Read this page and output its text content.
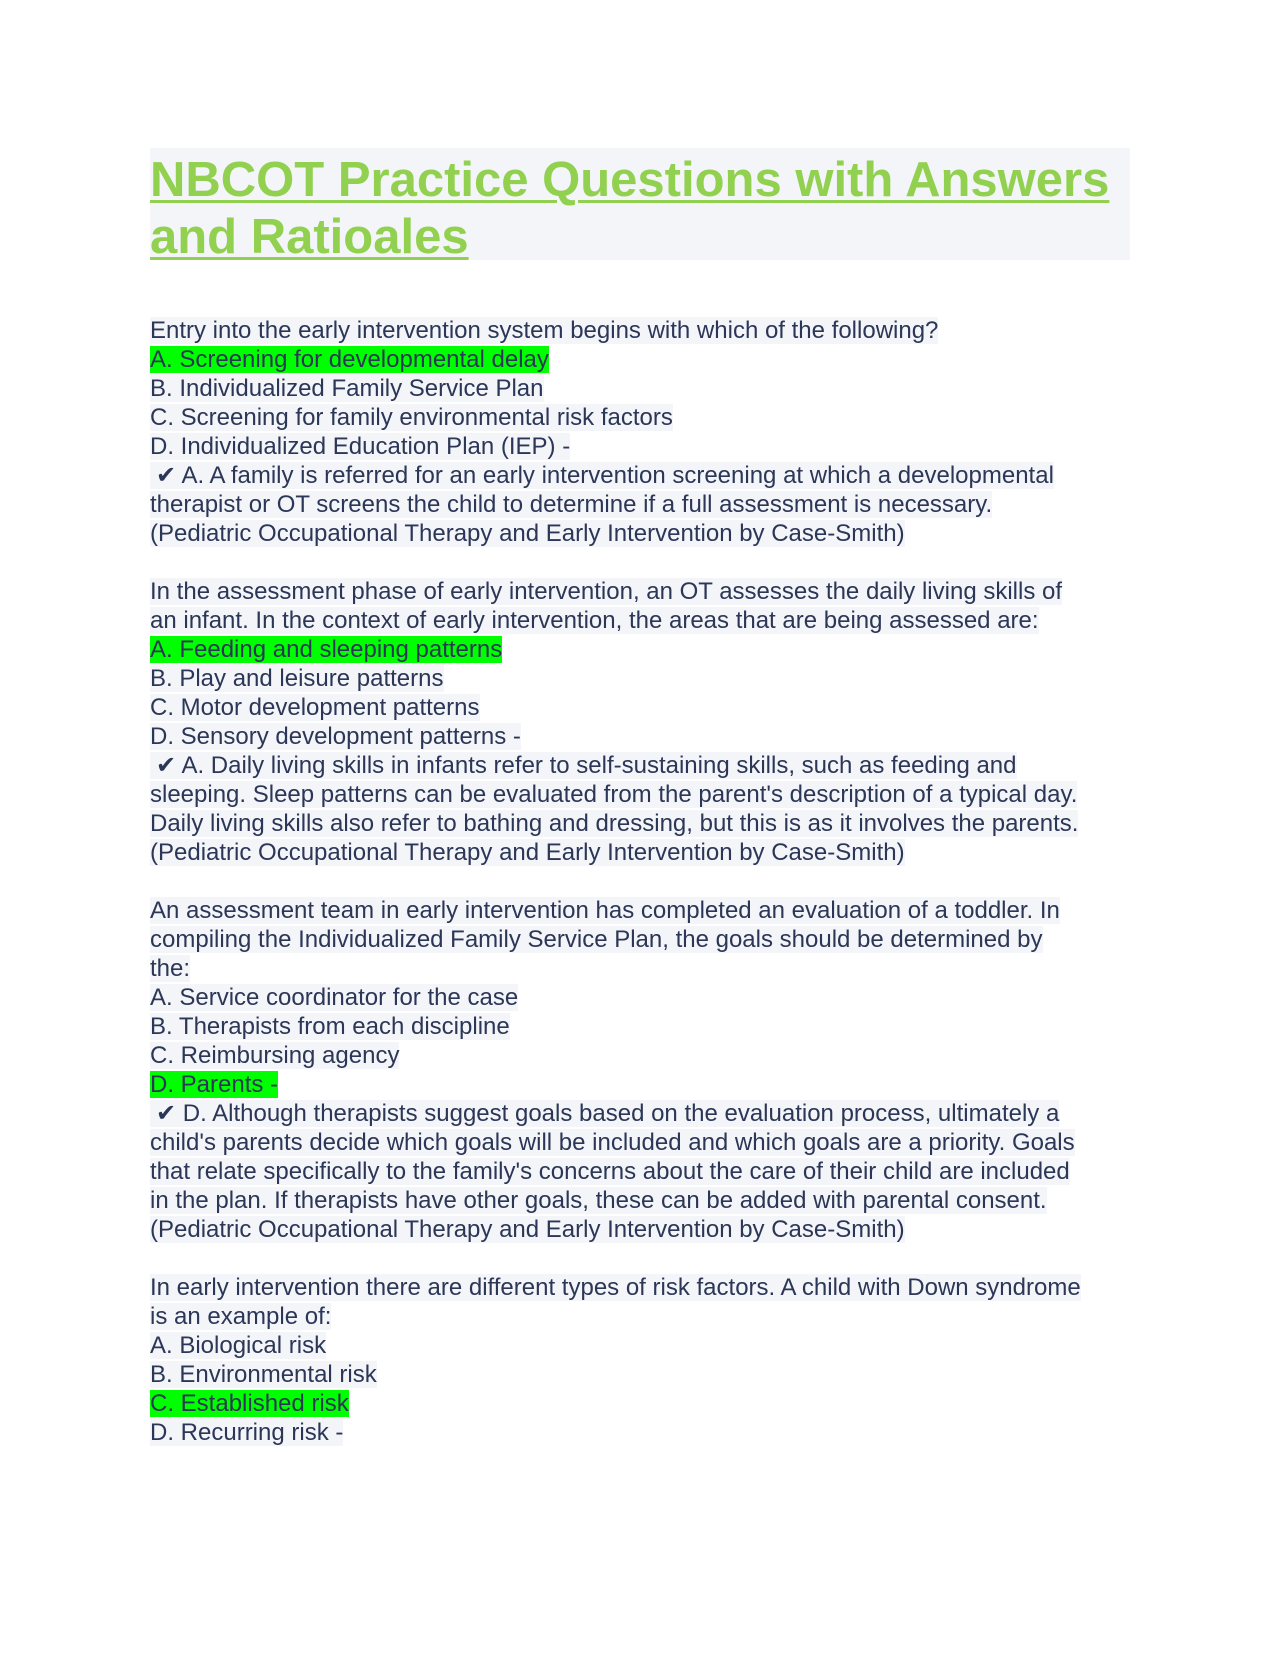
NBCOT Practice Questions with Answers and Ratioales
Entry into the early intervention system begins with which of the following?
A. Screening for developmental delay
B. Individualized Family Service Plan
C. Screening for family environmental risk factors
D. Individualized Education Plan (IEP) -
✔ A. A family is referred for an early intervention screening at which a developmental
therapist or OT screens the child to determine if a full assessment is necessary.
(Pediatric Occupational Therapy and Early Intervention by Case-Smith)
In the assessment phase of early intervention, an OT assesses the daily living skills of
an infant. In the context of early intervention, the areas that are being assessed are:
A. Feeding and sleeping patterns
B. Play and leisure patterns
C. Motor development patterns
D. Sensory development patterns -
✔ A. Daily living skills in infants refer to self-sustaining skills, such as feeding and
sleeping. Sleep patterns can be evaluated from the parent's description of a typical day.
Daily living skills also refer to bathing and dressing, but this is as it involves the parents.
(Pediatric Occupational Therapy and Early Intervention by Case-Smith)
An assessment team in early intervention has completed an evaluation of a toddler. In
compiling the Individualized Family Service Plan, the goals should be determined by
the:
A. Service coordinator for the case
B. Therapists from each discipline
C. Reimbursing agency
D. Parents -
✔ D. Although therapists suggest goals based on the evaluation process, ultimately a
child's parents decide which goals will be included and which goals are a priority. Goals
that relate specifically to the family's concerns about the care of their child are included
in the plan. If therapists have other goals, these can be added with parental consent.
(Pediatric Occupational Therapy and Early Intervention by Case-Smith)
In early intervention there are different types of risk factors. A child with Down syndrome
is an example of:
A. Biological risk
B. Environmental risk
C. Established risk
D. Recurring risk -
